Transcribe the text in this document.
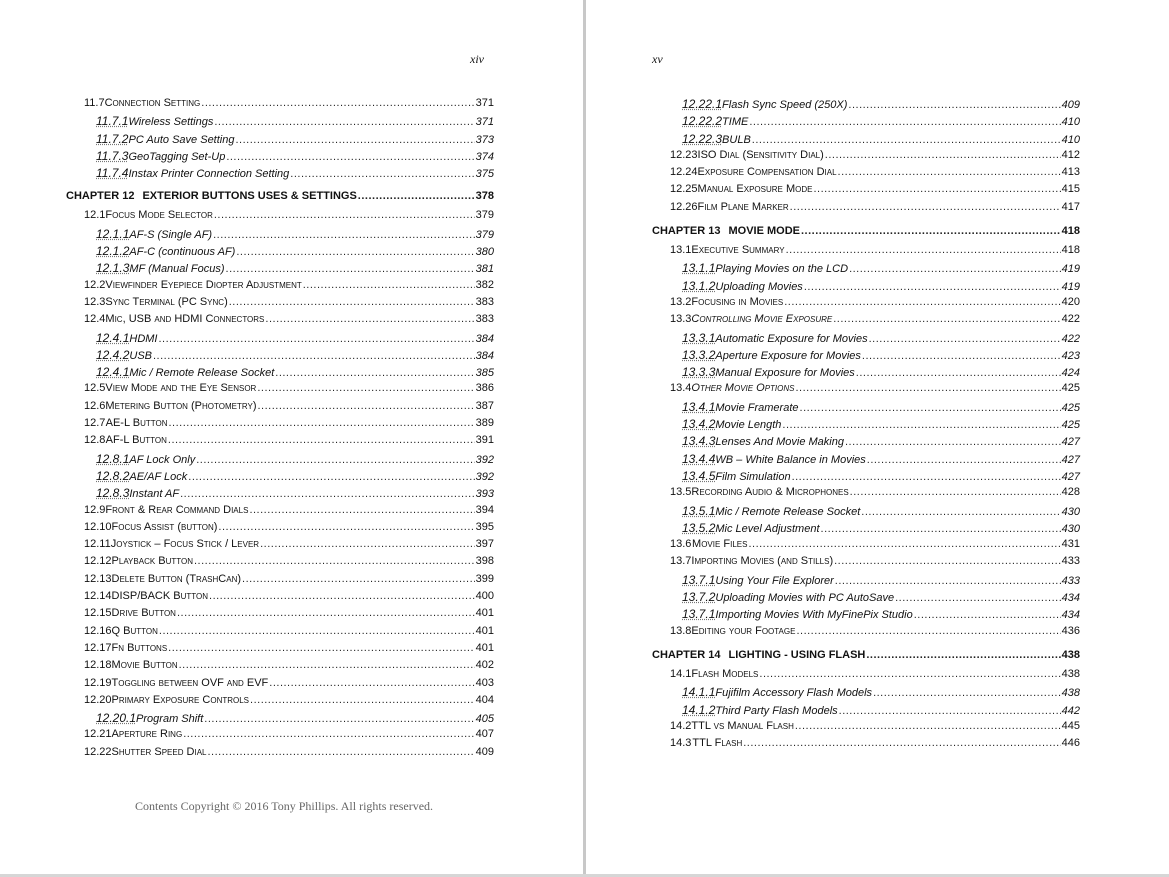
xiv
11.7 Connection Setting .....	371
11.7.1 Wireless Settings .....	371
11.7.2 PC Auto Save Setting .....	373
11.7.3 GeoTagging Set-Up .....	374
11.7.4 Instax Printer Connection Setting .....	375
CHAPTER 12 EXTERIOR BUTTONS USES & SETTINGS .....	378
12.1 Focus Mode Selector .....	379
12.1.1 AF-S (Single AF) .....	379
12.1.2 AF-C (continuous AF) .....	380
12.1.3 MF (Manual Focus) .....	381
12.2 Viewfinder Eyepiece Diopter Adjustment .....	382
12.3 Sync Terminal (PC Sync) .....	383
12.4 Mic, USB and HDMI Connectors .....	383
12.4.1 HDMI .....	384
12.4.2 USB .....	384
12.4.1 Mic / Remote Release Socket .....	385
12.5 View Mode and the Eye Sensor .....	386
12.6 Metering Button (Photometry) .....	387
12.7 AE-L Button .....	389
12.8 AF-L Button .....	391
12.8.1 AF Lock Only .....	392
12.8.2 AE/AF Lock .....	392
12.8.3 Instant AF .....	393
12.9 Front & Rear Command Dials .....	394
12.10 Focus Assist (button) .....	395
12.11 Joystick – Focus Stick / Lever .....	397
12.12 Playback Button .....	398
12.13 Delete Button (TrashCan) .....	399
12.14 DISP/BACK Button .....	400
12.15 Drive Button .....	401
12.16 Q Button .....	401
12.17 Fn Buttons .....	401
12.18 Movie Button .....	402
12.19 Toggling between OVF and EVF .....	403
12.20 Primary Exposure Controls .....	404
12.20.1 Program Shift .....	405
12.21 Aperture Ring .....	407
12.22 Shutter Speed Dial .....	409
Contents Copyright © 2016 Tony Phillips. All rights reserved.
xv
12.22.1 Flash Sync Speed (250X) .....	409
12.22.2 TIME .....	410
12.22.3 BULB .....	410
12.23 ISO Dial (Sensitivity Dial) .....	412
12.24 Exposure Compensation Dial .....	413
12.25 Manual Exposure Mode .....	415
12.26 Film Plane Marker .....	417
CHAPTER 13 MOVIE MODE .....	418
13.1 Executive Summary .....	418
13.1.1 Playing Movies on the LCD .....	419
13.1.2 Uploading Movies .....	419
13.2 Focusing in Movies .....	420
13.3 Controlling Movie Exposure .....	422
13.3.1 Automatic Exposure for Movies .....	422
13.3.2 Aperture Exposure for Movies .....	423
13.3.3 Manual Exposure for Movies .....	424
13.4 Other Movie Options .....	425
13.4.1 Movie Framerate .....	425
13.4.2 Movie Length .....	425
13.4.3 Lenses And Movie Making .....	427
13.4.4 WB – White Balance in Movies .....	427
13.4.5 Film Simulation .....	427
13.5 Recording Audio & Microphones .....	428
13.5.1 Mic / Remote Release Socket .....	430
13.5.2 Mic Level Adjustment .....	430
13.6 Movie Files .....	431
13.7 Importing Movies (and Stills) .....	433
13.7.1 Using Your File Explorer .....	433
13.7.2 Uploading Movies with PC AutoSave .....	434
13.7.1 Importing Movies With MyFinePix Studio .....	434
13.8 Editing your Footage .....	436
CHAPTER 14 LIGHTING - USING FLASH .....	438
14.1 Flash Models .....	438
14.1.1 Fujifilm Accessory Flash Models .....	438
14.1.2 Third Party Flash Models .....	442
14.2 TTL vs Manual Flash .....	445
14.3 TTL Flash .....	446
